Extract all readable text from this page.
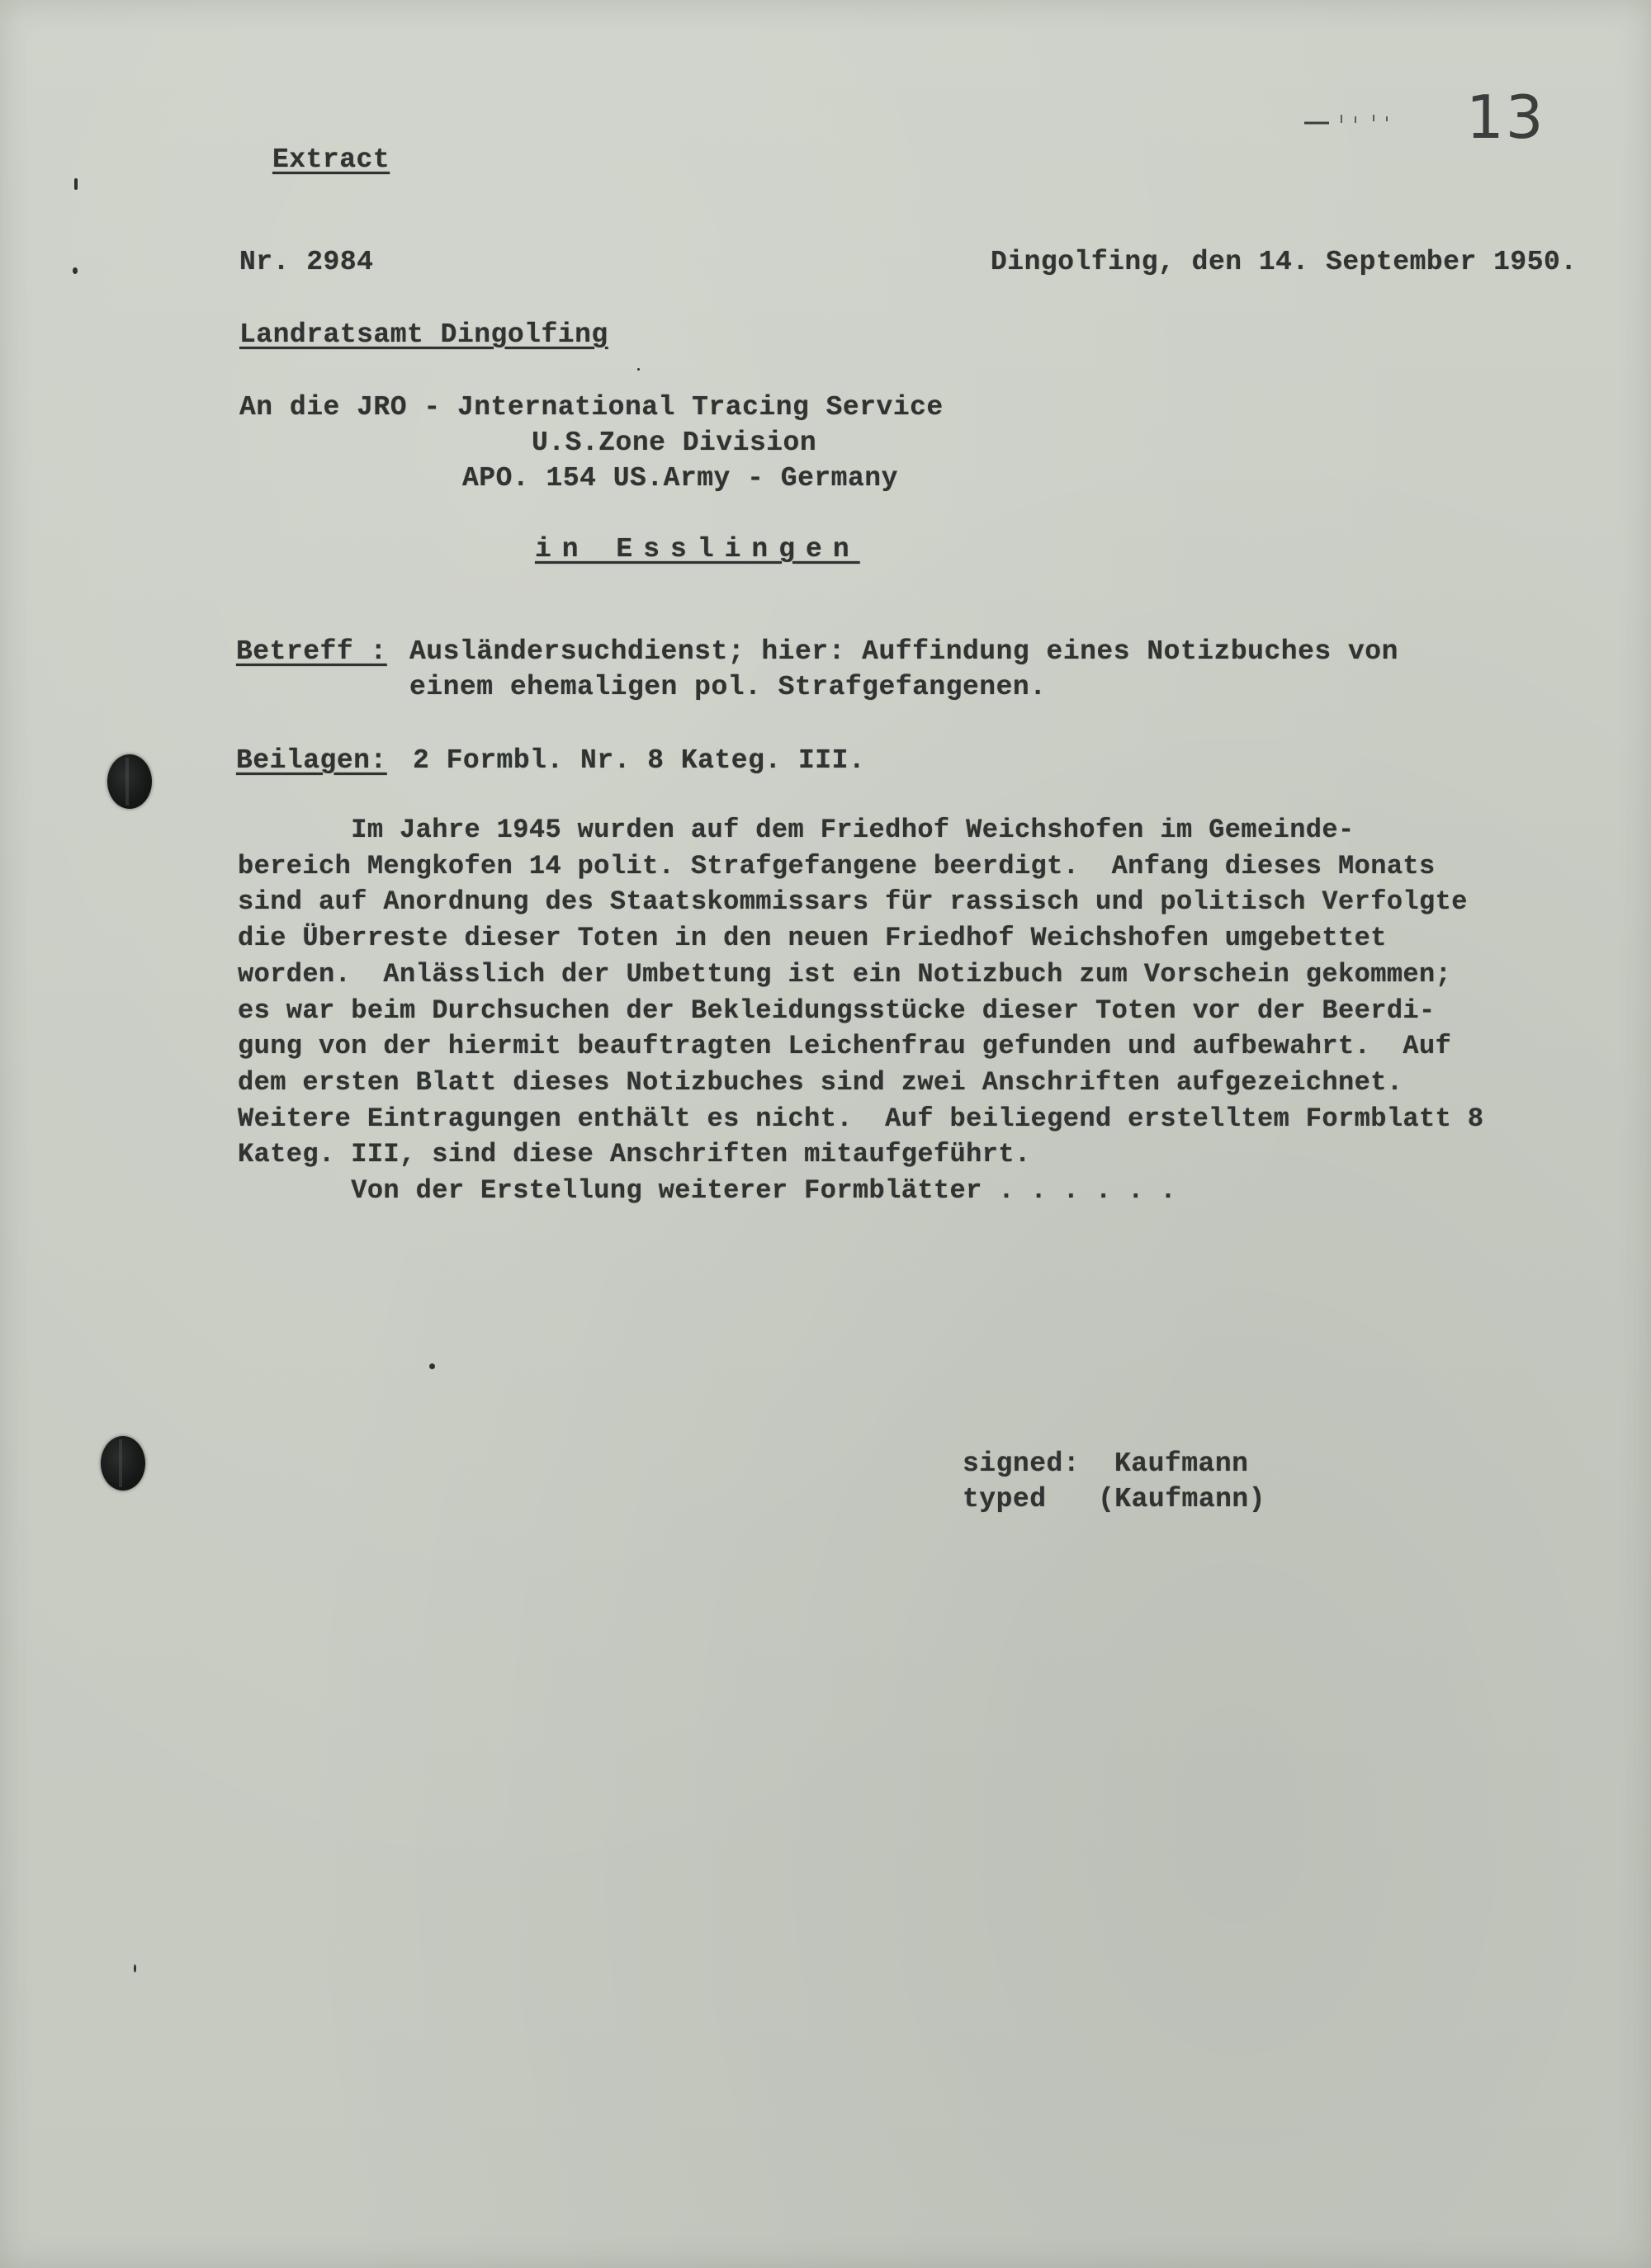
13
Extract
Nr. 2984	Dingolfing, den 14. September 1950.
Landratsamt Dingolfing
An die JRO - Jnternational Tracing Service
U.S.Zone Division
APO. 154 US.Army - Germany
in Esslingen
Betreff : Ausländersuchdienst; hier: Auffindung eines Notizbuches von
einem ehemaligen pol. Strafgefangenen.
Beilagen: 2 Formbl. Nr. 8 Kateg. III.
Im Jahre 1945 wurden auf dem Friedhof Weichshofen im Gemeinde-
bereich Mengkofen 14 polit. Strafgefangene beerdigt.  Anfang dieses Monats
sind auf Anordnung des Staatskommissars für rassisch und politisch Verfolgte
die Überreste dieser Toten in den neuen Friedhof Weichshofen umgebettet
worden.  Anlässlich der Umbettung ist ein Notizbuch zum Vorschein gekommen;
es war beim Durchsuchen der Bekleidungsstücke dieser Toten vor der Beerdi-
gung von der hiermit beauftragten Leichenfrau gefunden und aufbewahrt.  Auf
dem ersten Blatt dieses Notizbuches sind zwei Anschriften aufgezeichnet.
Weitere Eintragungen enthält es nicht.  Auf beiliegend erstelltem Formblatt 8
Kateg. III, sind diese Anschriften mitaufgeführt.
Von der Erstellung weiterer Formblätter . . . . . .
signed: Kaufmann
typed (Kaufmann)
